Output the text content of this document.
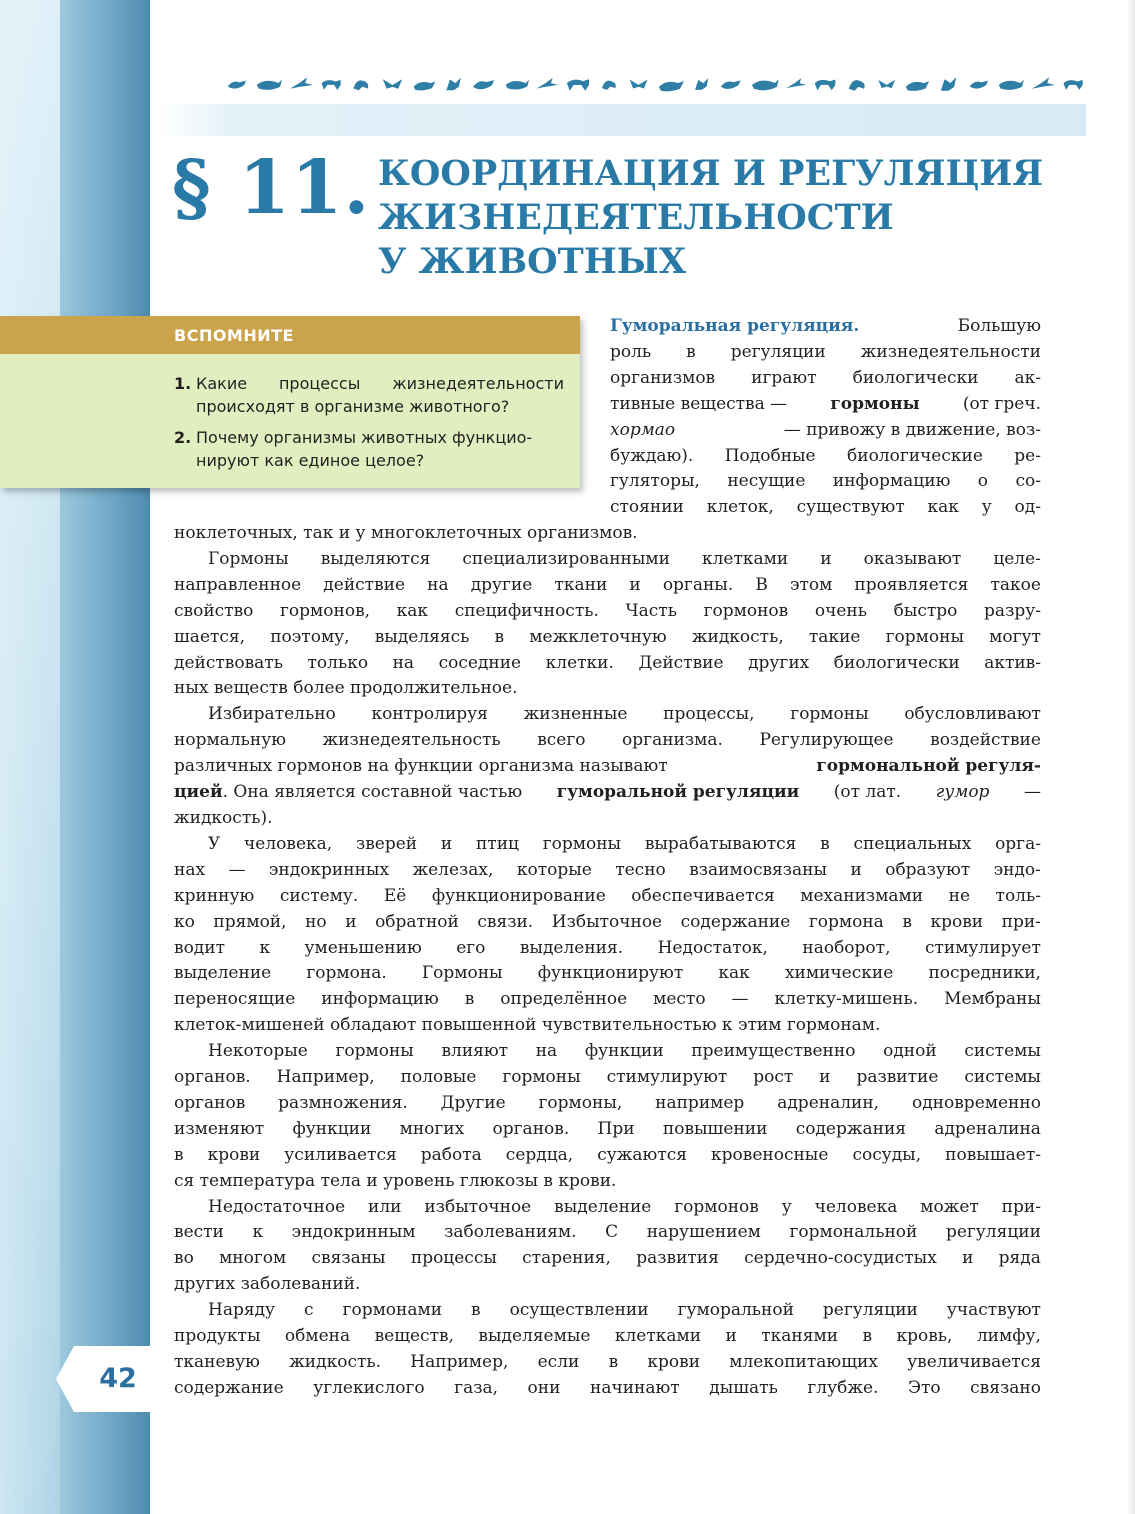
§ 11. КООРДИНАЦИЯ И РЕГУЛЯЦИЯ
ЖИЗНЕДЕЯТЕЛЬНОСТИ
У ЖИВОТНЫХ
ВСПОМНИТЕ
1. Какие процессы жизнедеятельности
происходят в организме животного?
2. Почему организмы животных функцио-
нируют как единое целое?
Гуморальная регуляция.	Большую
роль в регуляции жизнедеятельности
организмов играют биологически ак-
тивные вещества —	гормоны	(от греч.
хормао	— привожу в движение, воз-
буждаю). Подобные биологические ре-
гуляторы, несущие информацию о со-
стоянии клеток, существуют как у од-
ноклеточных, так и у многоклеточных организмов.
Гормоны выделяются специализированными клетками и оказывают целе-
направленное действие на другие ткани и органы. В этом проявляется такое
свойство гормонов, как специфичность. Часть гормонов очень быстро разру-
шается, поэтому, выделяясь в межклеточную жидкость, такие гормоны могут
действовать только на соседние клетки. Действие других биологически актив-
ных веществ более продолжительное.
Избирательно контролируя жизненные процессы, гормоны обусловливают
нормальную жизнедеятельность всего организма. Регулирующее воздействие
различных гормонов на функции организма называют	гормональной регуля-
цией. Она является составной частью гуморальной регуляции (от лат. гумор —
жидкость).
У человека, зверей и птиц гормоны вырабатываются в специальных орга-
нах — эндокринных железах, которые тесно взаимосвязаны и образуют эндо-
кринную систему. Её функционирование обеспечивается механизмами не толь-
ко прямой, но и обратной связи. Избыточное содержание гормона в крови при-
водит к уменьшению его выделения. Недостаток, наоборот, стимулирует
выделение гормона. Гормоны функционируют как химические посредники,
переносящие информацию в определённое место — клетку-мишень. Мембраны
клеток-мишеней обладают повышенной чувствительностью к этим гормонам.
Некоторые гормоны влияют на функции преимущественно одной системы
органов. Например, половые гормоны стимулируют рост и развитие системы
органов размножения. Другие гормоны, например адреналин, одновременно
изменяют функции многих органов. При повышении содержания адреналина
в крови усиливается работа сердца, сужаются кровеносные сосуды, повышает-
ся температура тела и уровень глюкозы в крови.
Недостаточное или избыточное выделение гормонов у человека может при-
вести к эндокринным заболеваниям. С нарушением гормональной регуляции
во многом связаны процессы старения, развития сердечно-сосудистых и ряда
других заболеваний.
Наряду с гормонами в осуществлении гуморальной регуляции участвуют
продукты обмена веществ, выделяемые клетками и тканями в кровь, лимфу,
тканевую жидкость. Например, если в крови млекопитающих увеличивается
содержание углекислого газа, они начинают дышать глубже. Это связано
42
